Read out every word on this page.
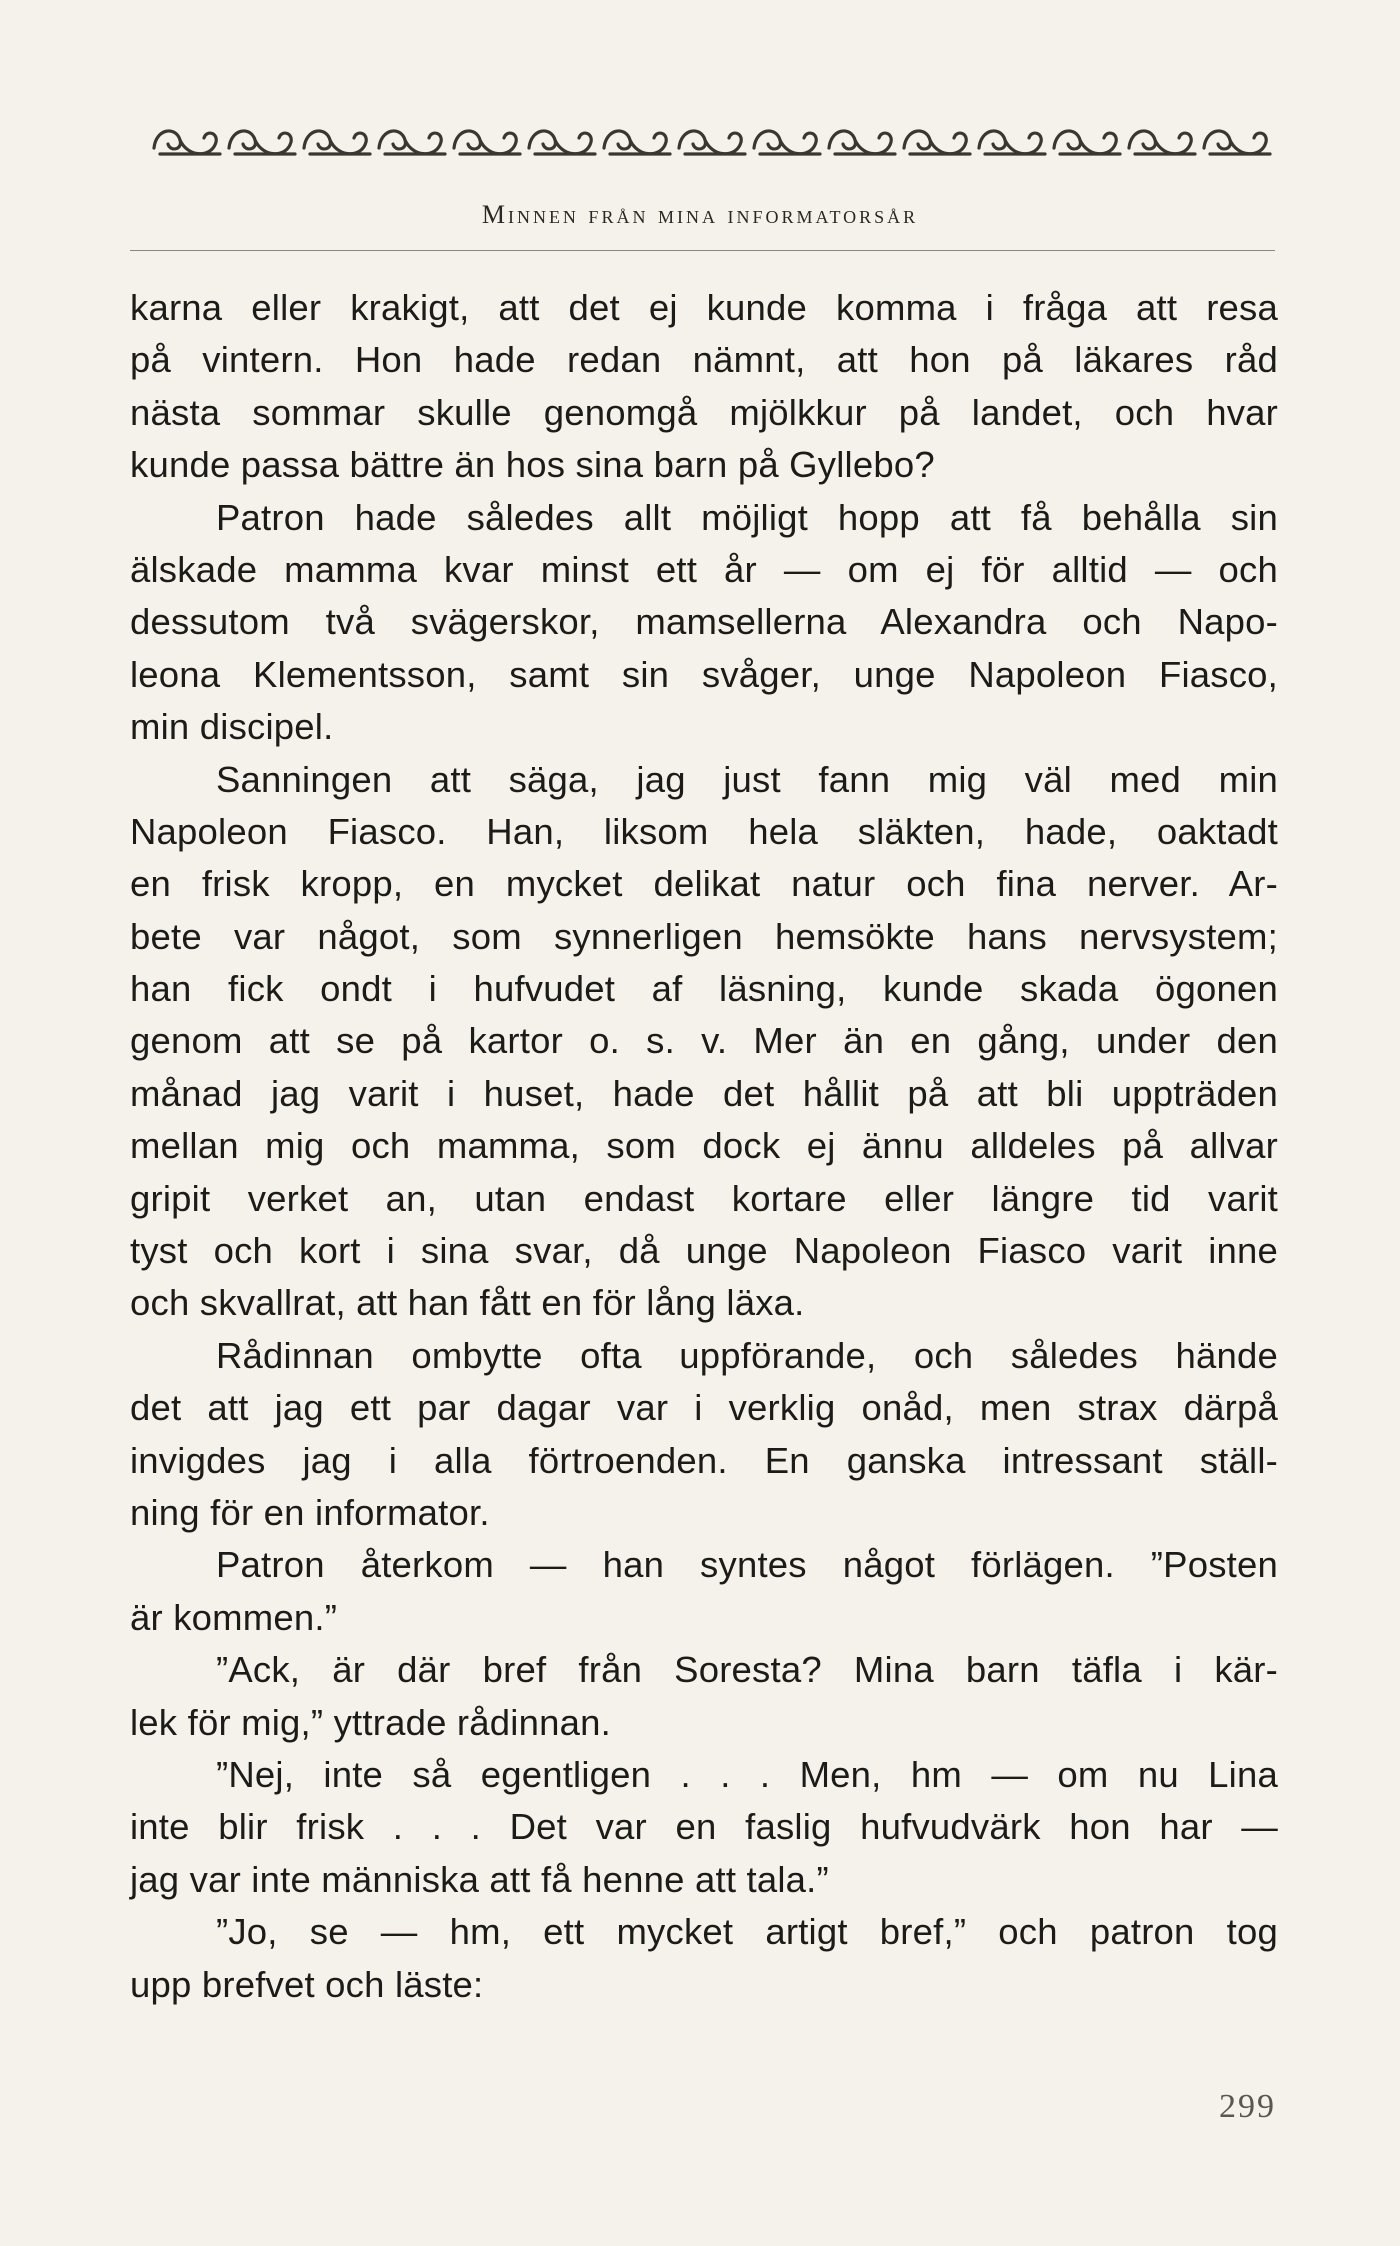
Minnen från mina informatorsår
karna eller krakigt, att det ej kunde komma i fråga att resa
på vintern. Hon hade redan nämnt, att hon på läkares råd
nästa sommar skulle genomgå mjölkkur på landet, och hvar
kunde passa bättre än hos sina barn på Gyllebo?
Patron hade således allt möjligt hopp att få behålla sin
älskade mamma kvar minst ett år — om ej för alltid — och
dessutom två svägerskor, mamsellerna Alexandra och Napo-
leona Klementsson, samt sin svåger, unge Napoleon Fiasco,
min discipel.
Sanningen att säga, jag just fann mig väl med min
Napoleon Fiasco. Han, liksom hela släkten, hade, oaktadt
en frisk kropp, en mycket delikat natur och fina nerver. Ar-
bete var något, som synnerligen hemsökte hans nervsystem;
han fick ondt i hufvudet af läsning, kunde skada ögonen
genom att se på kartor o. s. v. Mer än en gång, under den
månad jag varit i huset, hade det hållit på att bli uppträden
mellan mig och mamma, som dock ej ännu alldeles på allvar
gripit verket an, utan endast kortare eller längre tid varit
tyst och kort i sina svar, då unge Napoleon Fiasco varit inne
och skvallrat, att han fått en för lång läxa.
Rådinnan ombytte ofta uppförande, och således hände
det att jag ett par dagar var i verklig onåd, men strax därpå
invigdes jag i alla förtroenden. En ganska intressant ställ-
ning för en informator.
Patron återkom — han syntes något förlägen. ”Posten
är kommen.”
”Ack, är där bref från Soresta? Mina barn täfla i kär-
lek för mig,” yttrade rådinnan.
”Nej, inte så egentligen . . . Men, hm — om nu Lina
inte blir frisk . . . Det var en faslig hufvudvärk hon har —
jag var inte människa att få henne att tala.”
”Jo, se — hm, ett mycket artigt bref,” och patron tog
upp brefvet och läste:
299
